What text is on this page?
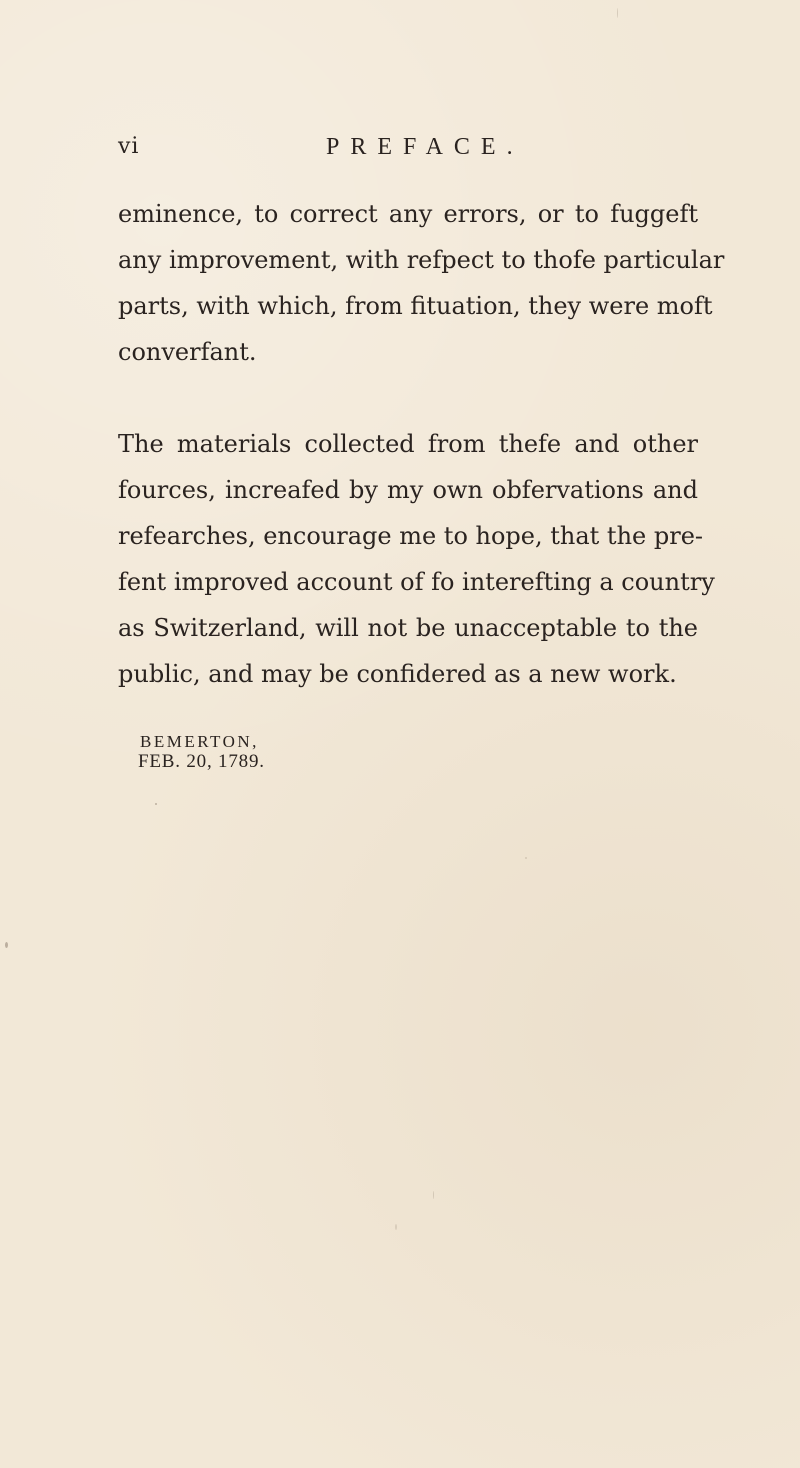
vi	PREFACE.
eminence, to correct any errors, or to fuggeft
any improvement, with refpect to thofe particular
parts, with which, from fituation, they were moft
converfant.
The materials collected from thefe and other
fources, increafed by my own obfervations and
refearches, encourage me to hope, that the pre-
fent improved account of fo interefting a country
as Switzerland, will not be unacceptable to the
public, and may be confidered as a new work.
BEMERTON,
FEB. 20, 1789.
